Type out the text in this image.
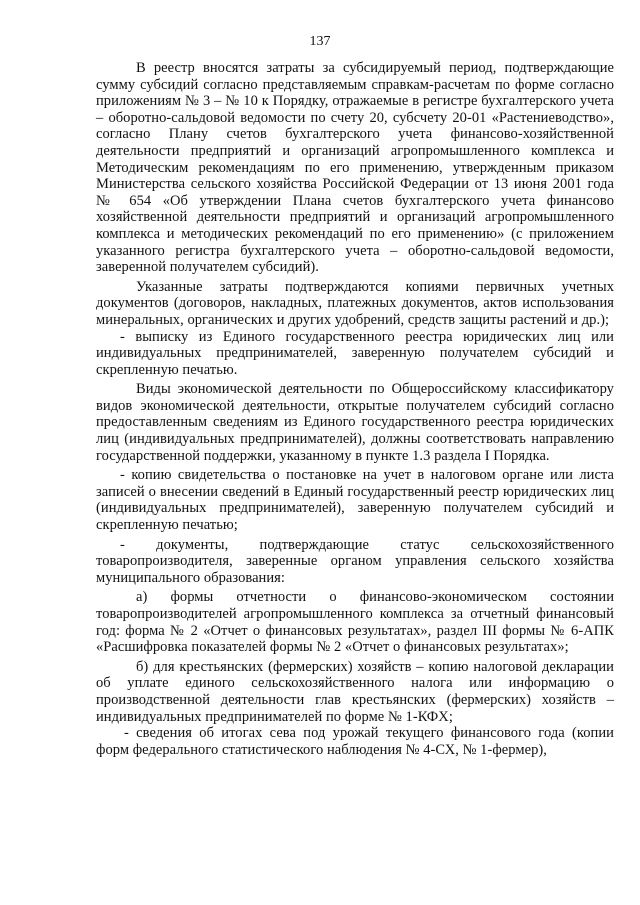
137

В реестр вносятся затраты за субсидируемый период, подтверждающие сумму субсидий согласно представляемым справкам-расчетам по форме согласно приложениям № 3 – № 10 к Порядку, отражаемые в регистре бухгалтерского учета – оборотно-сальдовой ведомости по счету 20, субсчету 20-01 «Растениеводство», согласно Плану счетов бухгалтерского учета финансово-хозяйственной деятельности предприятий и организаций агропромышленного комплекса и Методическим рекомендациям по его применению, утвержденным приказом Министерства сельского хозяйства Российской Федерации от 13 июня 2001 года № 654 «Об утверждении Плана счетов бухгалтерского учета финансово хозяйственной деятельности предприятий и организаций агропромышленного комплекса и методических рекомендаций по его применению» (с приложением указанного регистра бухгалтерского учета – оборотно-сальдовой ведомости, заверенной получателем субсидий).

Указанные затраты подтверждаются копиями первичных учетных документов (договоров, накладных, платежных документов, актов использования минеральных, органических и других удобрений, средств защиты растений и др.);

- выписку из Единого государственного реестра юридических лиц или индивидуальных предпринимателей, заверенную получателем субсидий и скрепленную печатью.

Виды экономической деятельности по Общероссийскому классификатору видов экономической деятельности, открытые получателем субсидий согласно предоставленным сведениям из Единого государственного реестра юридических лиц (индивидуальных предпринимателей), должны соответствовать направлению государственной поддержки, указанному в пункте 1.3 раздела I Порядка.

- копию свидетельства о постановке на учет в налоговом органе или листа записей о внесении сведений в Единый государственный реестр юридических лиц (индивидуальных предпринимателей), заверенную получателем субсидий и скрепленную печатью;

- документы, подтверждающие статус сельскохозяйственного товаропроизводителя, заверенные органом управления сельского хозяйства муниципального образования:

а) формы отчетности о финансово-экономическом состоянии товаропроизводителей агропромышленного комплекса за отчетный финансовый год: форма № 2 «Отчет о финансовых результатах», раздел III формы № 6-АПК «Расшифровка показателей формы № 2 «Отчет о финансовых результатах»;

б) для крестьянских (фермерских) хозяйств – копию налоговой декларации об уплате единого сельскохозяйственного налога или информацию о производственной деятельности глав крестьянских (фермерских) хозяйств – индивидуальных предпринимателей по форме № 1-КФХ;

- сведения об итогах сева под урожай текущего финансового года (копии форм федерального статистического наблюдения № 4-СХ, № 1-фермер),
